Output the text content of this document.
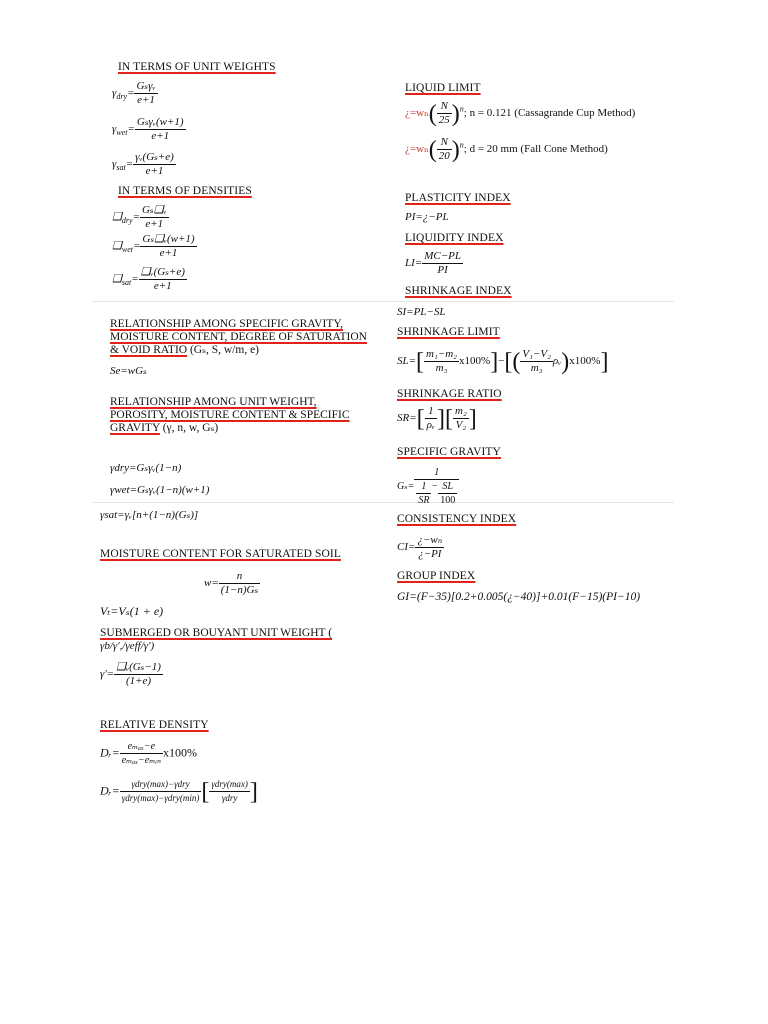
IN TERMS OF UNIT WEIGHTS
$\gamma_{dry}= \frac{\text{Gₛγᵥ}}{e+1}$
$\gamma_{wet}= \frac{\text{Gₛγᵥ(w+1)}}{e+1}$
$\gamma_{sat}= \frac{\text{γᵥ(Gₛ+e)}}{e+1}$
IN TERMS OF DENSITIES
$❑_{dry}= \frac{\text{Gₛ❑ᵥ}}{e+1}$
$❑_{wet}= \frac{\text{Gₛ❑ᵥ(w+1)}}{e+1}$
$❑_{sat}= \frac{\text{❑ᵥ(Gₛ+e)}}{e+1}$
RELATIONSHIP AMONG SPECIFIC GRAVITY,
MOISTURE CONTENT, DEGREE OF SATURATION
& VOID RATIO (Gₛ, S, w/m, e)
Se=wGₛ
RELATIONSHIP AMONG UNIT WEIGHT,
POROSITY, MOISTURE CONTENT & SPECIFIC
GRAVITY (γ, n, w, Gₛ)
γdry=Gₛγᵥ(1−n)
γwet=Gₛγᵥ(1−n)(w+1)
γsat=γᵥ[n+(1−n)(Gₛ)]
MOISTURE CONTENT FOR SATURATED SOIL
$w= \frac{n}{\text{(1−n)Gₛ}}$
Vₜ=Vₛ(1 + e)
SUBMERGED OR BOUYANT UNIT WEIGHT (
γb/γ',/γeff/γ')
$\gamma'= \frac{\text{❑ᵥ(Gₛ−1)}}{(1+e)}$
RELATIVE DENSITY
Dᵣ= $\frac{\text{eₘₐₓ−e}}{\text{eₘₐₓ−eₘᵢₙ}} x100\%$
Dᵣ= $\frac{\text{γdry(max)−γdry}}{\text{γdry(max)−γdry(min)}}$ [ $\frac{\text{γdry(max)}}{\text{γdry}}$ ]
LIQUID LIMIT
¿$=w_n( \frac{N}{25} )^n$; n = 0.121 (Cassagrande Cup Method)
¿$=w_n( \frac{N}{20} )^n$; d = 20 mm (Fall Cone Method)
PLASTICITY INDEX
PI=¿−PL
LIQUIDITY INDEX
$LI= \frac{MC-PL}{PI}$
SHRINKAGE INDEX
SI=PL−SL
SHRINKAGE LIMIT
$SL=[ \frac{\text{m₁−m₂}}{\text{m₃}} x100\%]-[( \frac{\text{V₁−V₂}}{\text{m₃}}$ ρᵥ)x100%]
SHRINKAGE RATIO
$SR=[ \frac{1}{\text{ρᵥ}}$ ][ $\frac{\text{m₂}}{\text{V₂}}$ ]
SPECIFIC GRAVITY
$G_s= \frac{1}{\frac{1}{SR} - \frac{SL}{100}}$
CONSISTENCY INDEX
$CI= \frac{\text{¿−wₙ}}{¿-PI}$
GROUP INDEX
GI=(F−35)[0.2+0.005(¿−40)]+0.01(F−15)(PI−10)
